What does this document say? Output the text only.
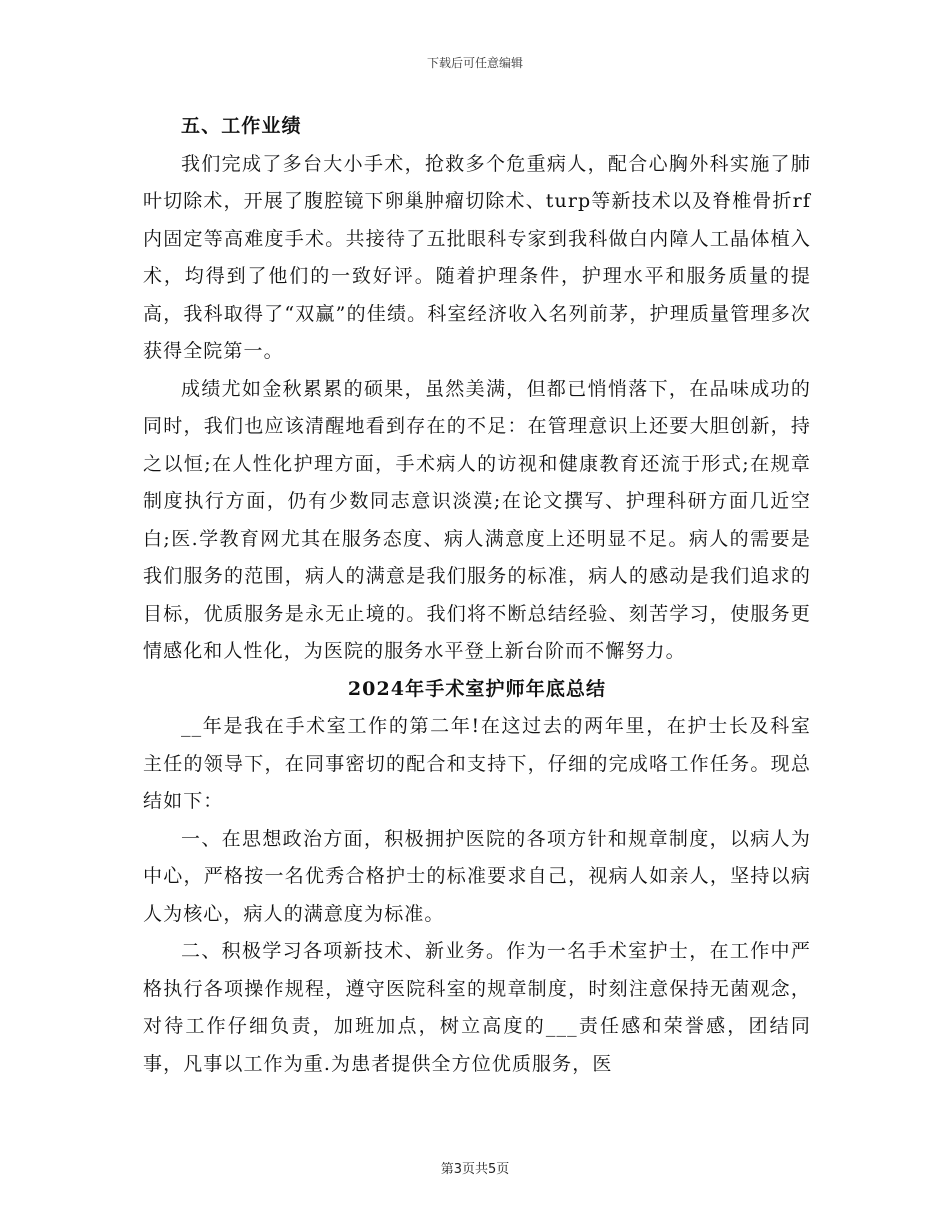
下载后可任意编辑
五、工作业绩

我们完成了多台大小手术，抢救多个危重病人，配合心胸外科实施了肺叶切除术，开展了腹腔镜下卵巢肿瘤切除术、turp等新技术以及脊椎骨折rf内固定等高难度手术。共接待了五批眼科专家到我科做白内障人工晶体植入术，均得到了他们的一致好评。随着护理条件，护理水平和服务质量的提高，我科取得了“双赢”的佳绩。科室经济收入名列前茅，护理质量管理多次获得全院第一。

成绩尤如金秋累累的硕果，虽然美满，但都已悄悄落下，在品味成功的同时，我们也应该清醒地看到存在的不足：在管理意识上还要大胆创新，持之以恒;在人性化护理方面，手术病人的访视和健康教育还流于形式;在规章制度执行方面，仍有少数同志意识淡漠;在论文撰写、护理科研方面几近空白;医.学教育网尤其在服务态度、病人满意度上还明显不足。病人的需要是我们服务的范围，病人的满意是我们服务的标准，病人的感动是我们追求的目标，优质服务是永无止境的。我们将不断总结经验、刻苦学习，使服务更情感化和人性化，为医院的服务水平登上新台阶而不懈努力。

2024年手术室护师年底总结

__年是我在手术室工作的第二年!在这过去的两年里，在护士长及科室主任的领导下，在同事密切的配合和支持下，仔细的完成咯工作任务。现总结如下：

一、在思想政治方面，积极拥护医院的各项方针和规章制度，以病人为中心，严格按一名优秀合格护士的标准要求自己，视病人如亲人，坚持以病人为核心，病人的满意度为标准。

二、积极学习各项新技术、新业务。作为一名手术室护士，在工作中严格执行各项操作规程，遵守医院科室的规章制度，时刻注意保持无菌观念，对待工作仔细负责，加班加点，树立高度的___责任感和荣誉感，团结同事，凡事以工作为重.为患者提供全方位优质服务，医

第3页共5页
